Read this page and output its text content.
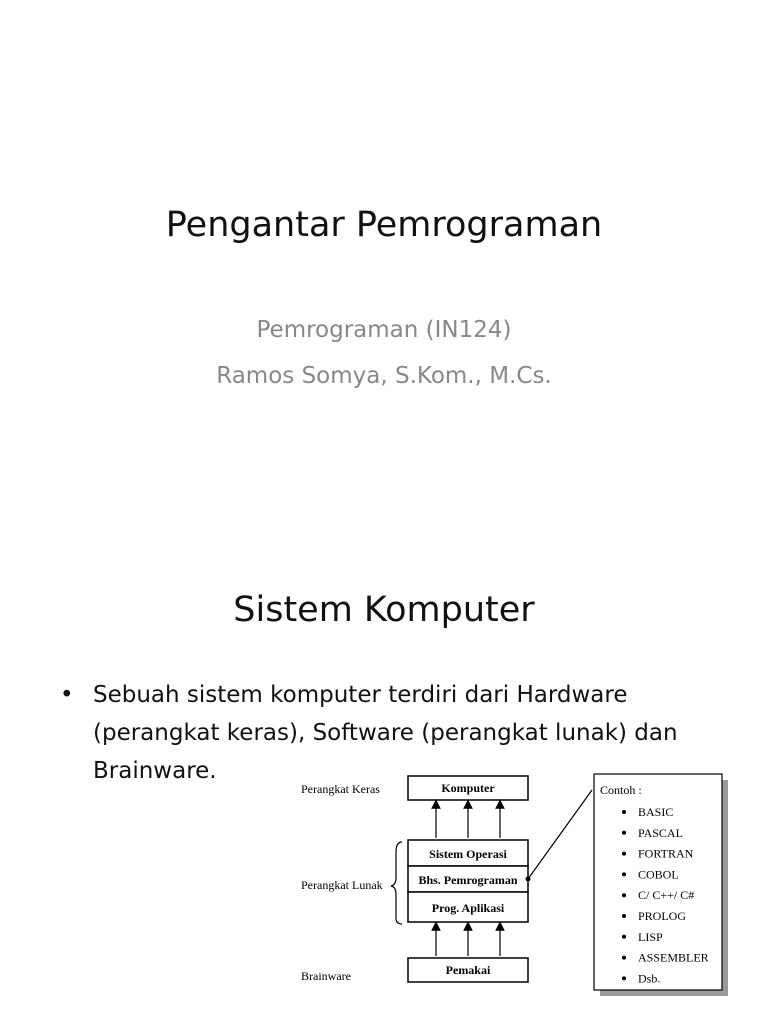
Pengantar Pemrograman
Pemrograman (IN124)
Ramos Somya, S.Kom., M.Cs.
Sistem Komputer
• Sebuah sistem komputer terdiri dari Hardware (perangkat keras), Software (perangkat lunak) dan Brainware.

Perangkat Keras
Perangkat Lunak
Brainware
Komputer
Sistem Operasi
Bhs. Pemrograman
Prog. Aplikasi
Pemakai
Contoh :
BASIC
PASCAL
FORTRAN
COBOL
C/ C++/ C#
PROLOG
LISP
ASSEMBLER
Dsb.
